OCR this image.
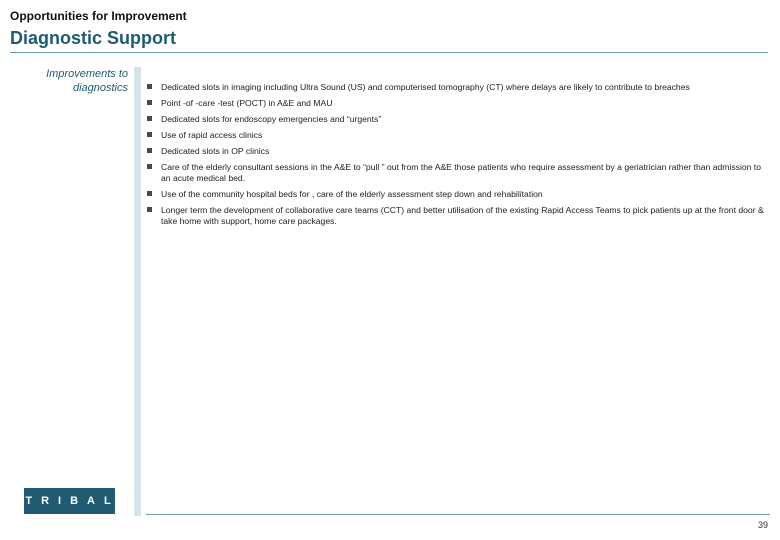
Opportunities for Improvement
Diagnostic Support
Improvements to diagnostics	Dedicated slots in imaging including Ultra Sound (US) and computerised tomography (CT) where delays are likely to contribute to breaches
Point -of -care -test (POCT) in A&E and MAU
Dedicated slots for endoscopy emergencies and “urgents”
Use of rapid access clinics
Dedicated slots in OP clinics
Care of the elderly consultant sessions in the A&E to “pull ” out from the A&E those patients who require assessment by a geriatrician rather than admission to an acute medical bed.
Use of the community hospital beds for , care of the elderly assessment step down and rehabilitation
Longer term the development of collaborative care teams (CCT) and better utilisation of the existing Rapid Access Teams to pick patients up at the front door & take home with support, home care packages.
TRIBAL
39
